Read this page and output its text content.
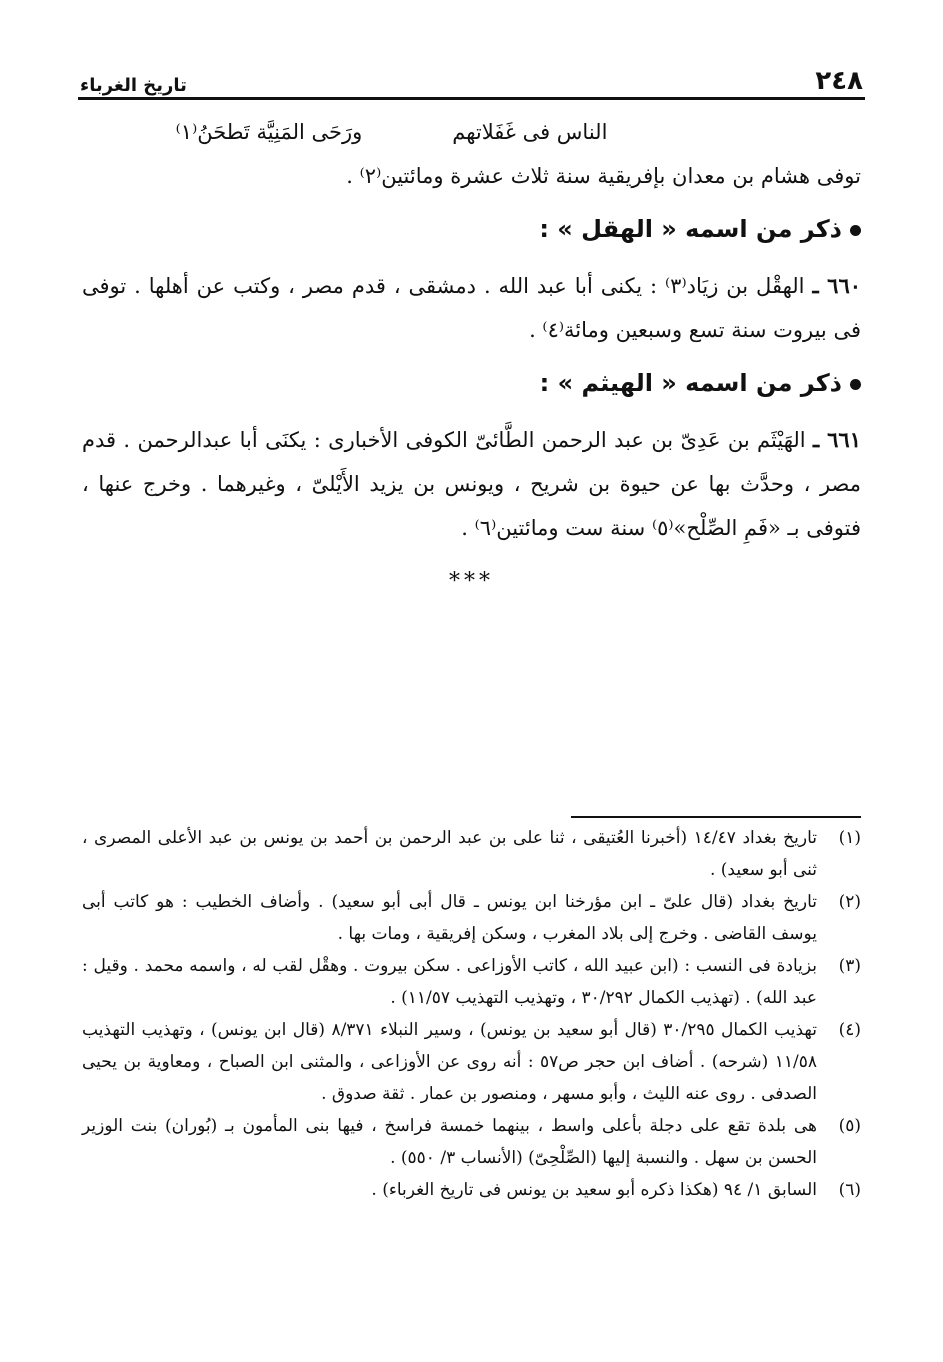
٢٤٨
تاريخ الغرباء
الناس فى غَفَلاتهم
ورَحَى المَنِيَّة تَطحَنُ⁽١⁾

توفى هشام بن معدان بإفريقية سنة ثلاث عشرة ومائتين⁽٢⁾ .

ذكر من اسمه « الهقل » :

٦٦٠ ـ الهقْل بن زيَاد⁽٣⁾ : يكنى أبا عبد الله . دمشقى ، قدم مصر ، وكتب عن أهلها . توفى فى بيروت سنة تسع وسبعين ومائة⁽٤⁾ .

ذكر من اسمه « الهيثم » :

٦٦١ ـ الهَيْثَم بن عَدِىّ بن عبد الرحمن الطَّائىّ الكوفى الأخبارى : يكنَى أبا عبدالرحمن . قدم مصر ، وحدَّث بها عن حيوة بن شريح ، ويونس بن يزيد الأَيْلىّ ، وغيرهما . وخرج عنها ، فتوفى بـ «فَمِ الصِّلْح»⁽٥⁾ سنة ست ومائتين⁽٦⁾ .

***

(١)تاريخ بغداد ١٤/٤٧ (أخبرنا العُتيقى ، ثنا على بن عبد الرحمن بن أحمد بن يونس بن عبد الأعلى المصرى ، ثنى أبو سعيد) .

(٢)تاريخ بغداد (قال علىّ ـ ابن مؤرخنا ابن يونس ـ قال أبى أبو سعيد) . وأضاف الخطيب : هو كاتب أبى يوسف القاضى . وخرج إلى بلاد المغرب ، وسكن إفريقية ، ومات بها .

(٣)بزيادة فى النسب : (ابن عبيد الله ، كاتب الأوزاعى . سكن بيروت . وهقْل لقب له ، واسمه محمد . وقيل : عبد الله) . (تهذيب الكمال ٣٠/٢٩٢ ، وتهذيب التهذيب ١١/٥٧) .

(٤)تهذيب الكمال ٣٠/٢٩٥ (قال أبو سعيد بن يونس) ، وسير النبلاء ٨/٣٧١ (قال ابن يونس) ، وتهذيب التهذيب ١١/٥٨ (شرحه) . أضاف ابن حجر ص٥٧ : أنه روى عن الأوزاعى ، والمثنى ابن الصباح ، ومعاوية بن يحيى الصدفى . روى عنه الليث ، وأبو مسهر ، ومنصور بن عمار . ثقة صدوق .

(٥)هى بلدة تقع على دجلة بأعلى واسط ، بينهما خمسة فراسخ ، فيها بنى المأمون بـ (بُوران) بنت الوزير الحسن بن سهل . والنسبة إليها (الصِّلْحِىّ) (الأنساب ٣/ ٥٥٠) .

(٦)السابق ١/ ٩٤ (هكذا ذكره أبو سعيد بن يونس فى تاريخ الغرباء) .
